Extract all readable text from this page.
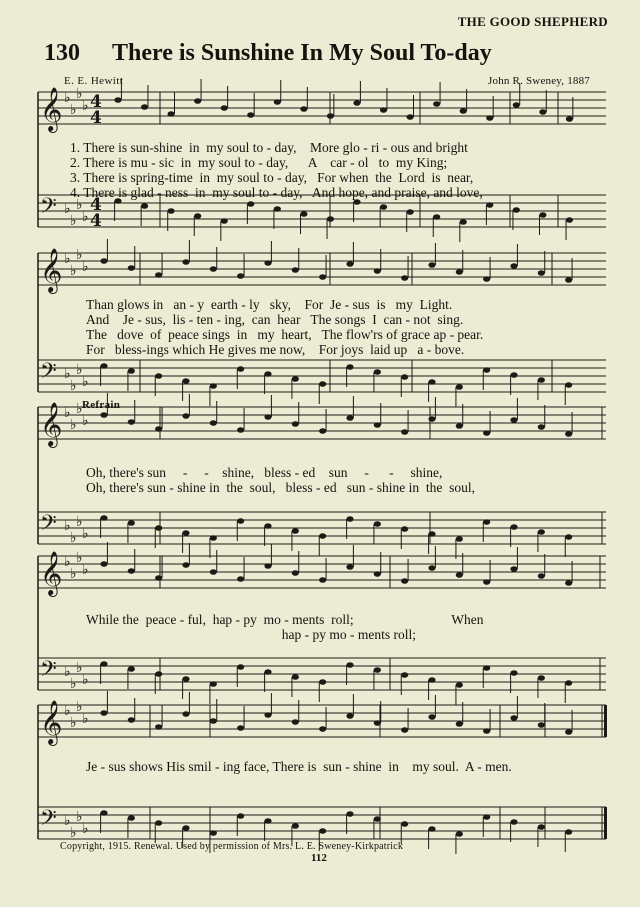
THE GOOD SHEPHERD
130 There is Sunshine In My Soul To-day
E. E. Hewitt	John R. Sweney, 1887
𝄞 ♭
♭
♭
♭ 4
4
𝄢 ♭
♭
♭
♭
4
4
𝄞 ♭
♭
♭
♭
𝄢 ♭
♭
♭
♭
𝄞 ♭
♭
♭
♭
𝄢 ♭
♭
♭
♭
𝄞 ♭
♭
♭
♭
𝄢 ♭
♭
♭
♭
𝄞 ♭
♭
♭
♭
𝄢 ♭
♭
♭
♭
1. There is sun-shine  in  my soul to - day,    More glo - ri - ous and bright
2. There is mu - sic  in  my soul to - day,      A    car - ol   to  my King;
3. There is spring-time  in  my soul to - day,   For when  the  Lord  is  near,
4. There is glad - ness  in  my soul to - day,   And hope, and praise, and love,
Than glows in   an - y  earth - ly   sky,    For  Je - sus  is   my  Light.
And    Je - sus,  lis - ten - ing,  can  hear   The songs  I  can - not  sing.
The   dove  of  peace sings  in   my  heart,   The flow'rs of grace ap - pear.
For   bless-ings which He gives me now,    For joys  laid up   a - bove.
Refrain
Oh, there's sun     -     -    shine,   bless - ed    sun     -      -     shine,
Oh, there's sun - shine in  the  soul,   bless - ed   sun - shine in  the  soul,
While the  peace - ful,  hap - py  mo - ments  roll;                             When
hap - py mo - ments roll;
Je - sus shows His smil - ing face, There is  sun - shine  in    my soul.  A - men.
Copyright, 1915. Renewal. Used by permission of Mrs. L. E. Sweney-Kirkpatrick
112
